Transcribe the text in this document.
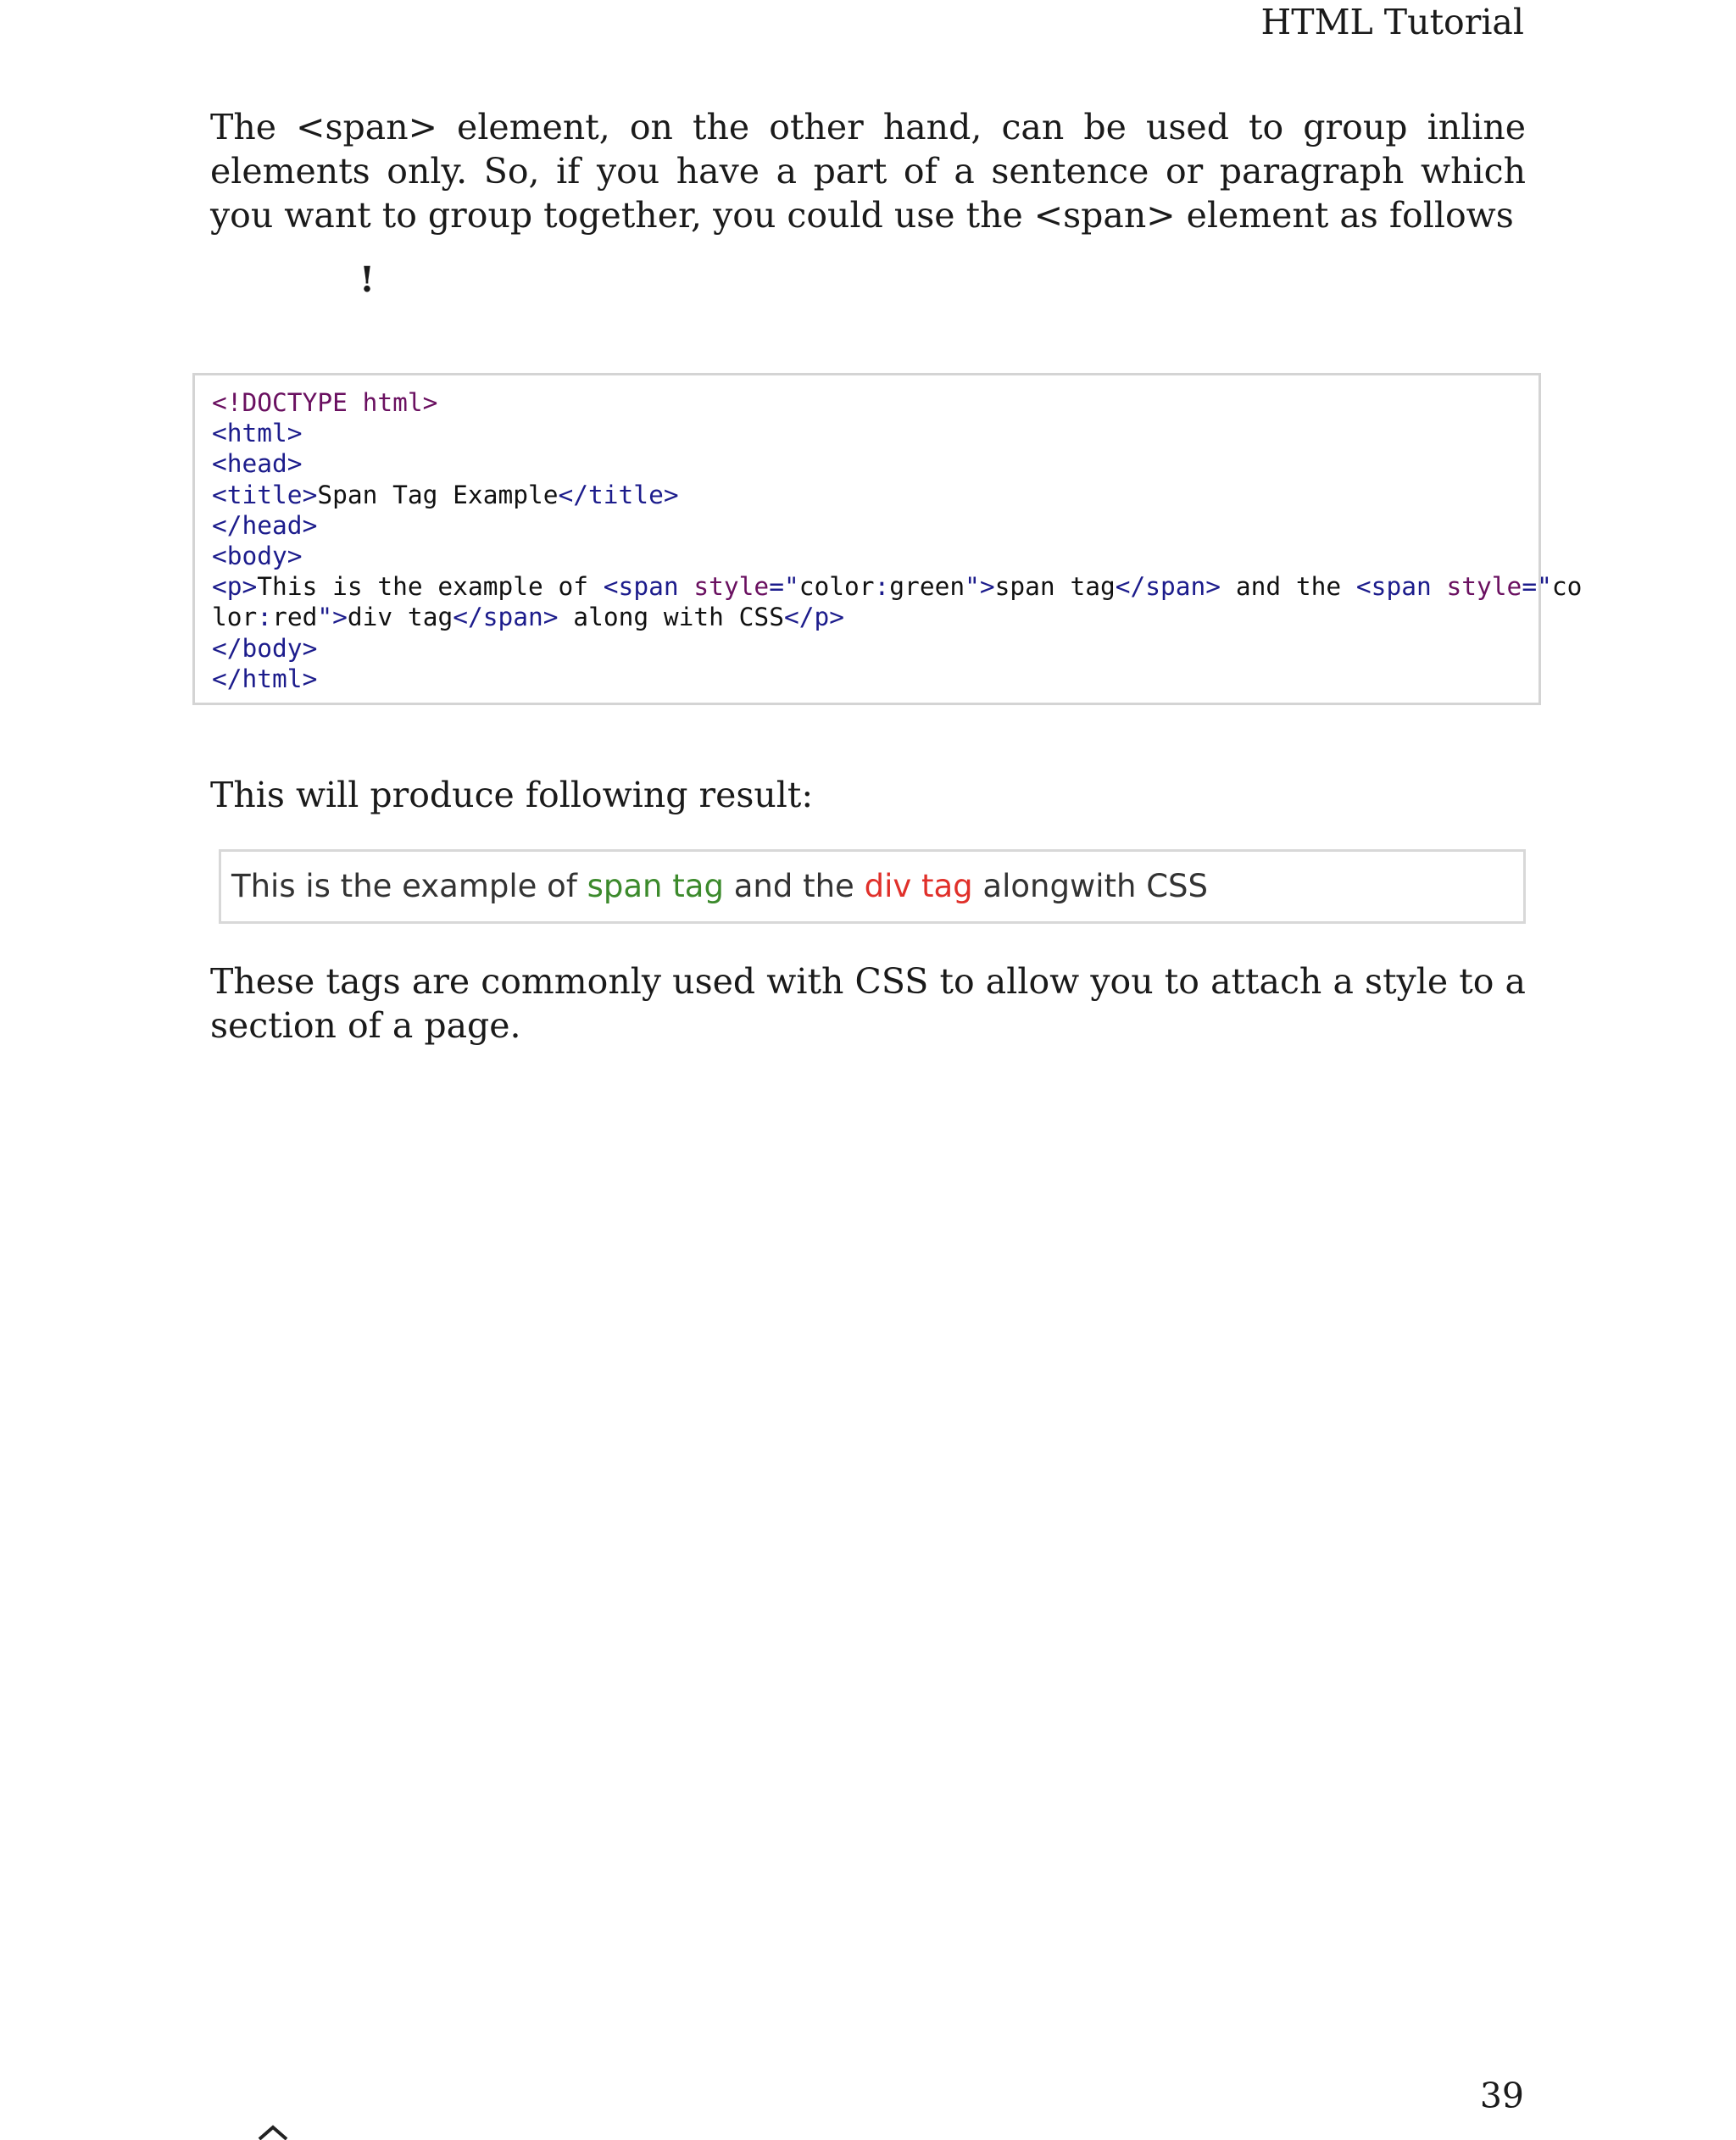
HTML Tutorial

The <span> element, on the other hand, can be used to group inline elements only. So, if you have a part of a sentence or paragraph which you want to group together, you could use the <span> element as follows

!
<!DOCTYPE html>
<html>
<head>
<title>Span Tag Example</title>
</head>
<body>
<p>This is the example of <span style="color:green">span tag</span> and the <span style="co
lor:red">div tag</span> along with CSS</p>
</body>
</html>

This will produce following result:

This is the example of span tag and the div tag alongwith CSS

These tags are commonly used with CSS to allow you to attach a style to a section of a page.

39
